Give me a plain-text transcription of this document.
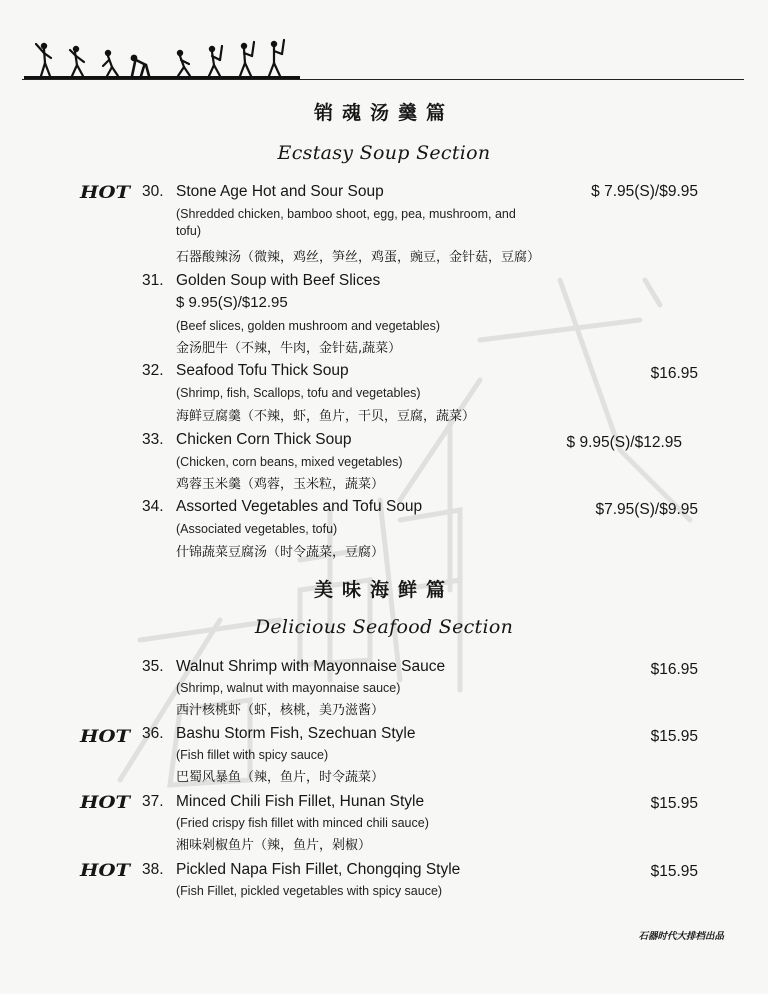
销魂汤羹篇
Ecstasy Soup Section
HOT 30. Stone Age Hot and Sour Soup	$ 7.95(S)/$9.95
(Shredded chicken, bamboo shoot, egg, pea, mushroom, and
tofu)
石器酸辣汤（微辣，鸡丝，笋丝，鸡蛋，豌豆，金针菇，豆腐）
31. Golden Soup with Beef Slices
$ 9.95(S)/$12.95
(Beef slices, golden mushroom and vegetables)
金汤肥牛（不辣，牛肉，金针菇,蔬菜）
32. Seafood Tofu Thick Soup	$16.95
(Shrimp, fish, Scallops, tofu and vegetables)
海鲜豆腐羹（不辣，虾，鱼片，干贝，豆腐，蔬菜）
33. Chicken Corn Thick Soup	$ 9.95(S)/$12.95
(Chicken, corn beans, mixed vegetables)
鸡蓉玉米羹（鸡蓉，玉米粒，蔬菜）
34. Assorted Vegetables and Tofu Soup	$7.95(S)/$9.95
(Associated vegetables, tofu)
什锦蔬菜豆腐汤（时令蔬菜，豆腐）
美味海鲜篇
Delicious Seafood Section
35. Walnut Shrimp with Mayonnaise Sauce	$16.95
(Shrimp, walnut with mayonnaise sauce)
西汁核桃虾（虾，核桃，美乃滋酱）
HOT 36. Bashu Storm Fish, Szechuan Style	$15.95
(Fish fillet with spicy sauce)
巴蜀风暴鱼（辣，鱼片，时令蔬菜）
HOT 37. Minced Chili Fish Fillet, Hunan Style	$15.95
(Fried crispy fish fillet with minced chili sauce)
湘味剁椒鱼片（辣，鱼片，剁椒）
HOT 38. Pickled Napa Fish Fillet, Chongqing Style	$15.95
(Fish Fillet, pickled vegetables with spicy sauce)
石器时代大排档出品
